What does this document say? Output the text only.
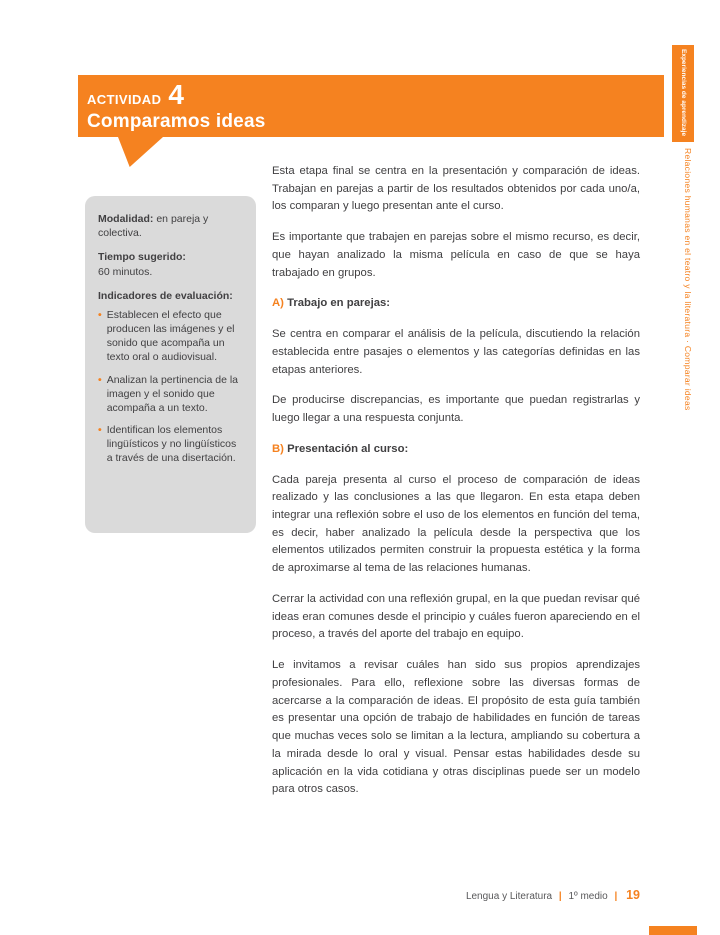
ACTIVIDAD 4
Comparamos ideas	Experiencias de aprendizaje
Relaciones humanas en el teatro y la literatura · Comparar ideas

Modalidad: en pareja y colectiva.

Tiempo sugerido:
60 minutos.

Indicadores de evaluación:

• Establecen el efecto que producen las imágenes y el sonido que acompaña un texto oral o audiovisual.
• Analizan la pertinencia de la imagen y el sonido que acompaña a un texto.
• Identifican los elementos lingüísticos y no lingüísticos a través de una disertación.

Esta etapa final se centra en la presentación y comparación de ideas. Trabajan en parejas a partir de los resultados obtenidos por cada uno/a, los comparan y luego presentan ante el curso.

Es importante que trabajen en parejas sobre el mismo recurso, es decir, que hayan analizado la misma película en caso de que se haya trabajado en grupos.

A) Trabajo en parejas:

Se centra en comparar el análisis de la película, discutiendo la relación establecida entre pasajes o elementos y las categorías definidas en las etapas anteriores.

De producirse discrepancias, es importante que puedan registrarlas y luego llegar a una respuesta conjunta.

B) Presentación al curso:

Cada pareja presenta al curso el proceso de comparación de ideas realizado y las conclusiones a las que llegaron. En esta etapa deben integrar una reflexión sobre el uso de los elementos en función del tema, es decir, haber analizado la película desde la perspectiva que los elementos utilizados permiten construir la propuesta estética y la forma de aproximarse al tema de las relaciones humanas.

Cerrar la actividad con una reflexión grupal, en la que puedan revisar qué ideas eran comunes desde el principio y cuáles fueron apareciendo en el proceso, a través del aporte del trabajo en equipo.

Le invitamos a revisar cuáles han sido sus propios aprendizajes profesionales. Para ello, reflexione sobre las diversas formas de acercarse a la comparación de ideas. El propósito de esta guía también es presentar una opción de trabajo de habilidades en función de tareas que muchas veces solo se limitan a la lectura, ampliando su cobertura a la mirada desde lo oral y visual. Pensar estas habilidades desde su aplicación en la vida cotidiana y otras disciplinas puede ser un modelo para otros casos.

Lengua y Literatura | 1º medio | 19
